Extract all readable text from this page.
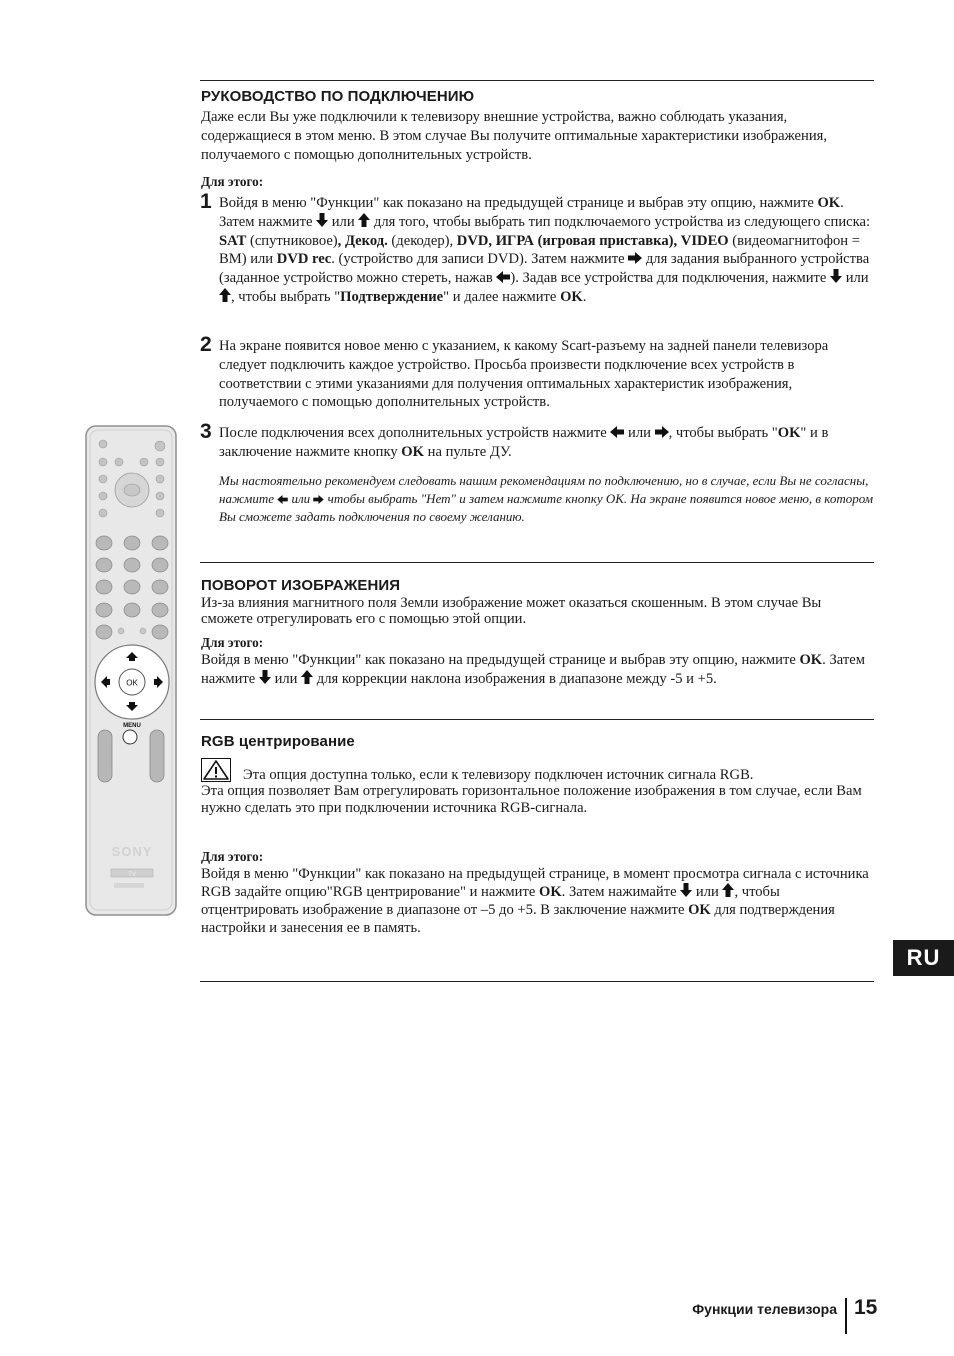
РУКОВОДСТВО ПО ПОДКЛЮЧЕНИЮ

Даже если Вы уже подключили к телевизору внешние устройства, важно соблюдать указания, содержащиеся в этом меню. В этом случае Вы получите оптимальные характеристики изображения, получаемого с помощью дополнительных устройств.

Для этого:
1 Войдя в меню "Функции" как показано на предыдущей странице и выбрав эту опцию, нажмите OK. Затем нажмите
или
для того, чтобы выбрать тип подключаемого устройства из следующего списка: SAT (спутниковое), Декод. (декодер), DVD, ИГРА (игровая приставка), VIDEO (видеомагнитофон = ВМ) или DVD rec. (устройство для записи DVD). Затем нажмите
для задания выбранного устройства (заданное устройство можно стереть, нажав
). Задав все устройства для подключения, нажмите
или
, чтобы выбрать "Подтверждение" и далее нажмите OK.

2 На экране появится новое меню с указанием, к какому Scart-разъему на задней панели телевизора следует подключить каждое устройство. Просьба произвести подключение всех устройств в соответствии с этими указаниями для получения оптимальных характеристик изображения, получаемого с помощью дополнительных устройств.

3 После подключения всех дополнительных устройств нажмите
или
, чтобы выбрать "OK" и в заключение нажмите кнопку OK на пульте ДУ.

Мы настоятельно рекомендуем следовать нашим рекомендациям по подключению, но в случае, если Вы не согласны, нажмите
или
чтобы выбрать "Нет" и затем нажмите кнопку ОК. На экране появится новое меню, в котором Вы сможете задать подключения по своему желанию.

ПОВОРОТ ИЗОБРАЖЕНИЯ

Из-за влияния магнитного поля Земли изображение может оказаться скошенным. В этом случае Вы сможете отрегулировать его с помощью этой опции.

Для этого:

Войдя в меню "Функции" как показано на предыдущей странице и выбрав эту опцию, нажмите OK. Затем нажмите
или
для коррекции наклона изображения в диапазоне между -5 и +5.

RGB центрирование

Эта опция доступна только, если к телевизору подключен источник сигнала RGB.

Эта опция позволяет Вам отрегулировать горизонтальное положение изображения в том случае, если Вам нужно сделать это при подключении источника RGB-сигнала.

Для этого:

Войдя в меню "Функции" как показано на предыдущей странице, в момент просмотра сигнала с источника RGB задайте опцию"RGB центрирование" и нажмите OK. Затем нажимайте
или
, чтобы отцентрировать изображение в диапазоне от –5 до +5. В заключение нажмите OK для подтверждения настройки и занесения ее в память.

OK
MENU
SONY
TV
RU
Функции телевизора 15
